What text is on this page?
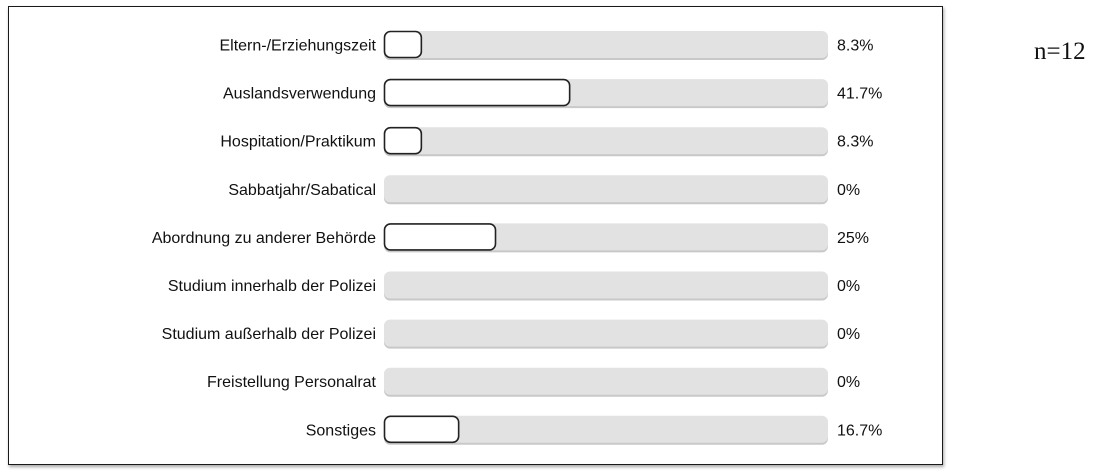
Eltern-/Erziehungszeit	8.3%
Auslandsverwendung	41.7%
Hospitation/Praktikum	8.3%
Sabbatjahr/Sabatical	0%
Abordnung zu anderer Behörde	25%
Studium innerhalb der Polizei	0%
Studium außerhalb der Polizei	0%
Freistellung Personalrat	0%
Sonstiges	16.7%
n=12
